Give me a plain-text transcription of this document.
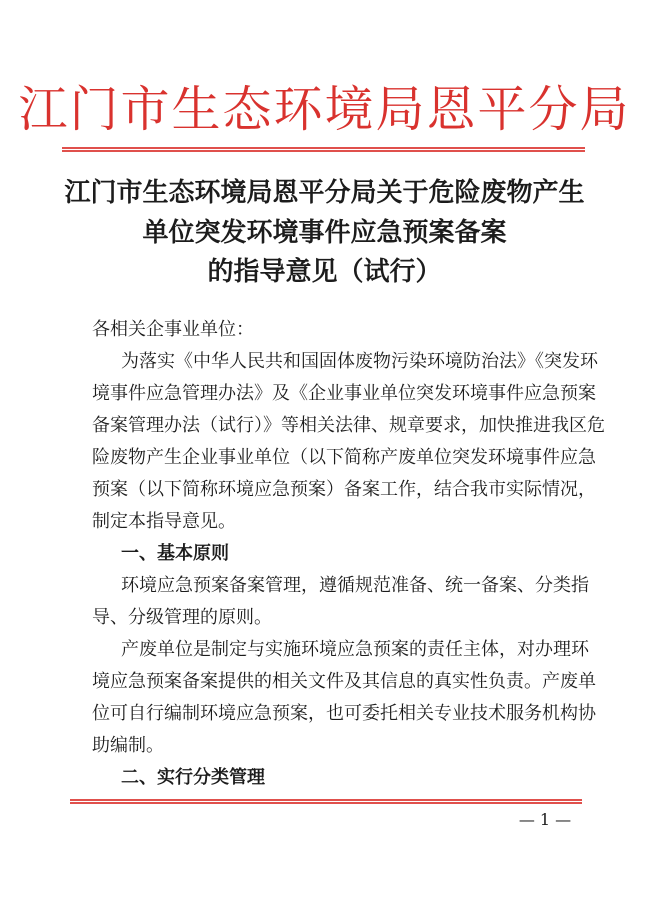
江门市生态环境局恩平分局
江门市生态环境局恩平分局关于危险废物产生
单位突发环境事件应急预案备案
的指导意见（试行）
各相关企事业单位：
为落实《中华人民共和国固体废物污染环境防治法》《突发环
境事件应急管理办法》及《企业事业单位突发环境事件应急预案
备案管理办法（试行）》等相关法律、规章要求，加快推进我区危
险废物产生企业事业单位（以下简称产废单位突发环境事件应急
预案（以下简称环境应急预案）备案工作，结合我市实际情况，
制定本指导意见。
一、基本原则
环境应急预案备案管理，遵循规范准备、统一备案、分类指
导、分级管理的原则。
产废单位是制定与实施环境应急预案的责任主体，对办理环
境应急预案备案提供的相关文件及其信息的真实性负责。产废单
位可自行编制环境应急预案，也可委托相关专业技术服务机构协
助编制。
二、实行分类管理
— 1 —
